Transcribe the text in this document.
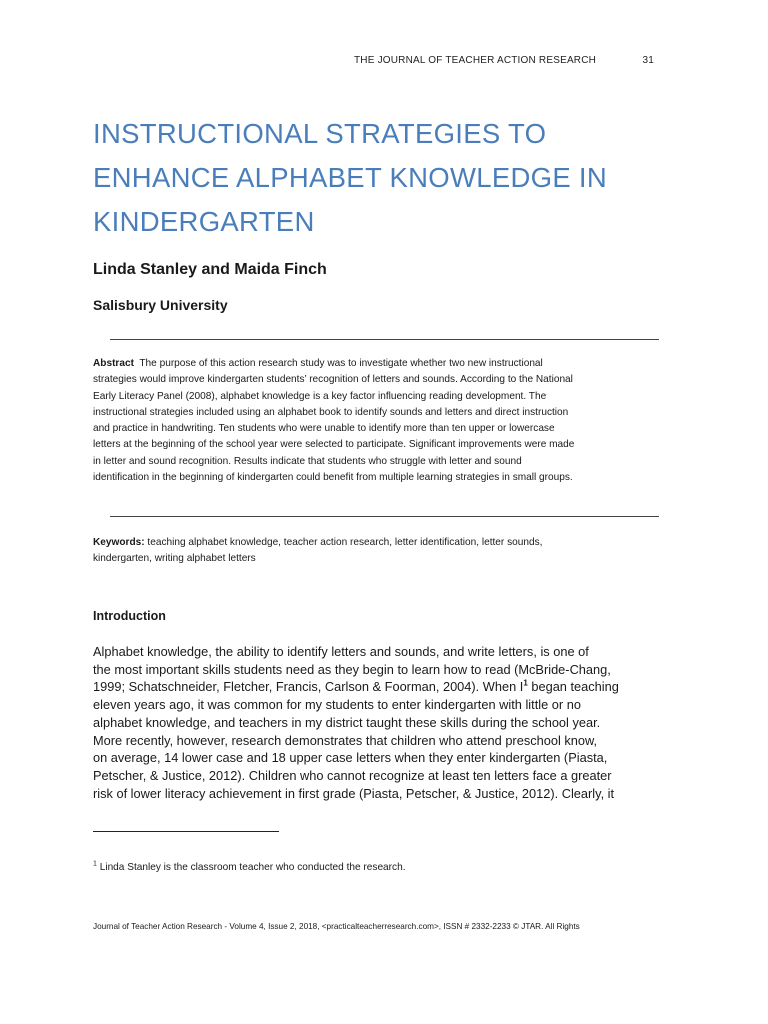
THE JOURNAL OF TEACHER ACTION RESEARCH	31
INSTRUCTIONAL STRATEGIES TO
ENHANCE ALPHABET KNOWLEDGE IN
KINDERGARTEN
Linda Stanley and Maida Finch
Salisbury University
Abstract The purpose of this action research study was to investigate whether two new instructional
strategies would improve kindergarten students’ recognition of letters and sounds. According to the National
Early Literacy Panel (2008), alphabet knowledge is a key factor influencing reading development. The
instructional strategies included using an alphabet book to identify sounds and letters and direct instruction
and practice in handwriting. Ten students who were unable to identify more than ten upper or lowercase
letters at the beginning of the school year were selected to participate. Significant improvements were made
in letter and sound recognition. Results indicate that students who struggle with letter and sound
identification in the beginning of kindergarten could benefit from multiple learning strategies in small groups.
Keywords: teaching alphabet knowledge, teacher action research, letter identification, letter sounds,
kindergarten, writing alphabet letters
Introduction
Alphabet knowledge, the ability to identify letters and sounds, and write letters, is one of
the most important skills students need as they begin to learn how to read (McBride-Chang,
1999; Schatschneider, Fletcher, Francis, Carlson & Foorman, 2004). When $I^1$ began teaching
eleven years ago, it was common for my students to enter kindergarten with little or no
alphabet knowledge, and teachers in my district taught these skills during the school year.
More recently, however, research demonstrates that children who attend preschool know,
on average, 14 lower case and 18 upper case letters when they enter kindergarten (Piasta,
Petscher, & Justice, 2012). Children who cannot recognize at least ten letters face a greater
risk of lower literacy achievement in first grade (Piasta, Petscher, & Justice, 2012). Clearly, it
$^1$ Linda Stanley is the classroom teacher who conducted the research.
Journal of Teacher Action Research - Volume 4, Issue 2, 2018, <practicalteacherresearch.com>, ISSN # 2332-2233 © JTAR. All Rights
